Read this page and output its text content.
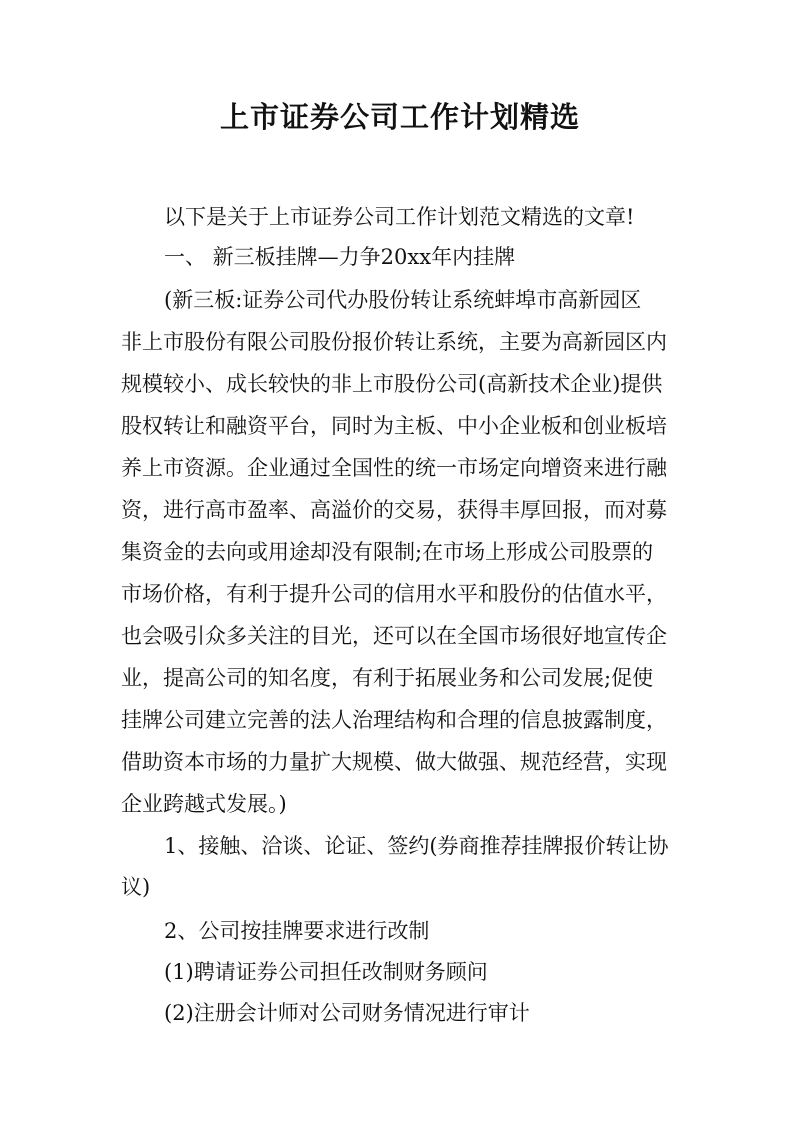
上市证券公司工作计划精选
以下是关于上市证券公司工作计划范文精选的文章!
一、 新三板挂牌—力争20xx年内挂牌
(新三板:证券公司代办股份转让系统蚌埠市高新园区
非上市股份有限公司股份报价转让系统，主要为高新园区内
规模较小、成长较快的非上市股份公司(高新技术企业)提供
股权转让和融资平台，同时为主板、中小企业板和创业板培
养上市资源。企业通过全国性的统一市场定向增资来进行融
资，进行高市盈率、高溢价的交易，获得丰厚回报，而对募
集资金的去向或用途却没有限制;在市场上形成公司股票的
市场价格，有利于提升公司的信用水平和股份的估值水平，
也会吸引众多关注的目光，还可以在全国市场很好地宣传企
业，提高公司的知名度，有利于拓展业务和公司发展;促使
挂牌公司建立完善的法人治理结构和合理的信息披露制度，
借助资本市场的力量扩大规模、做大做强、规范经营，实现
企业跨越式发展。)
1、接触、洽谈、论证、签约(券商推荐挂牌报价转让协
议)
2、公司按挂牌要求进行改制
(1)聘请证券公司担任改制财务顾问
(2)注册会计师对公司财务情况进行审计
